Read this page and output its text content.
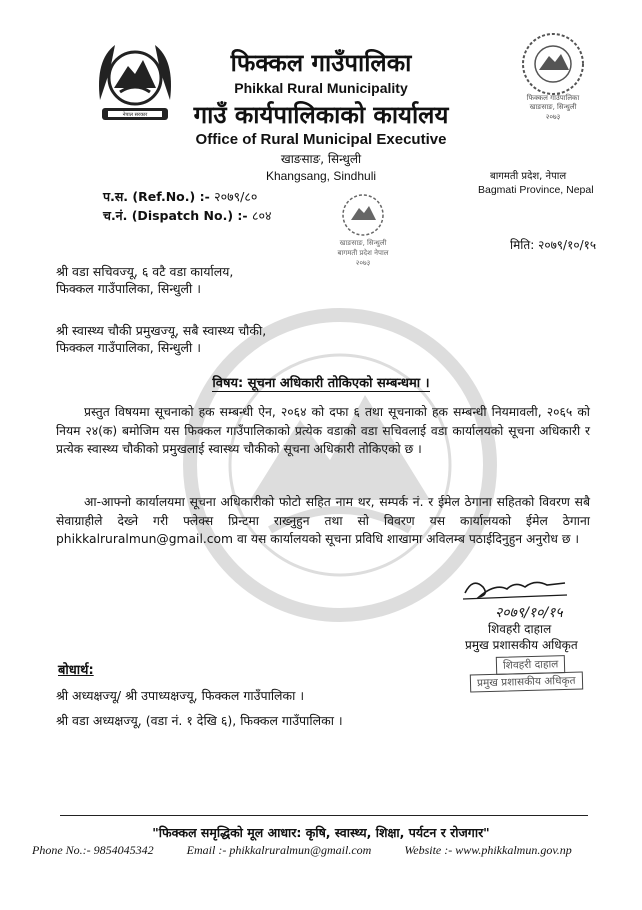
नेपाल सरकार
फिक्कल गाउँपालिका
खाङसाङ, सिन्धुली
२०७३
खाङसाङ, सिन्धुली
बागमती प्रदेश नेपाल
२०७३
फिक्कल गाउँपालिका
Phikkal Rural Municipality
गाउँ कार्यपालिकाको कार्यालय
Office of Rural Municipal Executive
खाङसाङ, सिन्धुली
Khangsang, Sindhuli	बागमती प्रदेश, नेपाल
Bagmati Province, Nepal
प.स. (Ref.No.) :- २०७९/८०
च.नं. (Dispatch No.) :- ८०४
मिति: २०७९/१०/१५
श्री वडा सचिवज्यू, ६ वटै वडा कार्यालय,
फिक्कल गाउँपालिका, सिन्धुली ।
श्री स्वास्थ्य चौकी प्रमुखज्यू, सबै स्वास्थ्य चौकी,
फिक्कल गाउँपालिका, सिन्धुली ।
विषय: सूचना अधिकारी तोकिएको सम्बन्धमा ।
प्रस्तुत विषयमा सूचनाको हक सम्बन्धी ऐन, २०६४ को दफा ६ तथा सूचनाको हक सम्बन्धी नियमावली, २०६५ को नियम २४(क) बमोजिम यस फिक्कल गाउँपालिकाको प्रत्येक वडाको वडा सचिवलाई वडा कार्यालयको सूचना अधिकारी र प्रत्येक स्वास्थ्य चौकीको प्रमुखलाई स्वास्थ्य चौकीको सूचना अधिकारी तोकिएको छ ।
आ-आफ्नो कार्यालयमा सूचना अधिकारीको फोटो सहित नाम थर, सम्पर्क नं. र ईमेल ठेगाना सहितको विवरण सबै सेवाग्राहीले देख्ने गरी फ्लेक्स प्रिन्टमा राख्नुहुन तथा सो विवरण यस कार्यालयको ईमेल ठेगाना phikkalruralmun@gmail.com वा यस कार्यालयको सूचना प्रविधि शाखामा अविलम्ब पठाईदिनुहुन अनुरोध छ ।
२०७९/१०/१५
शिवहरी दाहाल
प्रमुख प्रशासकीय अधिकृत
शिवहरी दाहाल
प्रमुख प्रशासकीय अधिकृत
बोधार्थ:
श्री अध्यक्षज्यू/ श्री उपाध्यक्षज्यू, फिक्कल गाउँपालिका ।
श्री वडा अध्यक्षज्यू, (वडा नं. १ देखि ६), फिक्कल गाउँपालिका ।
"फिक्कल समृद्धिको मूल आधार: कृषि, स्वास्थ्य, शिक्षा, पर्यटन र रोजगार"
Phone No.:- 9854045342	Email :- phikkalruralmun@gmail.com	Website :- www.phikkalmun.gov.np
